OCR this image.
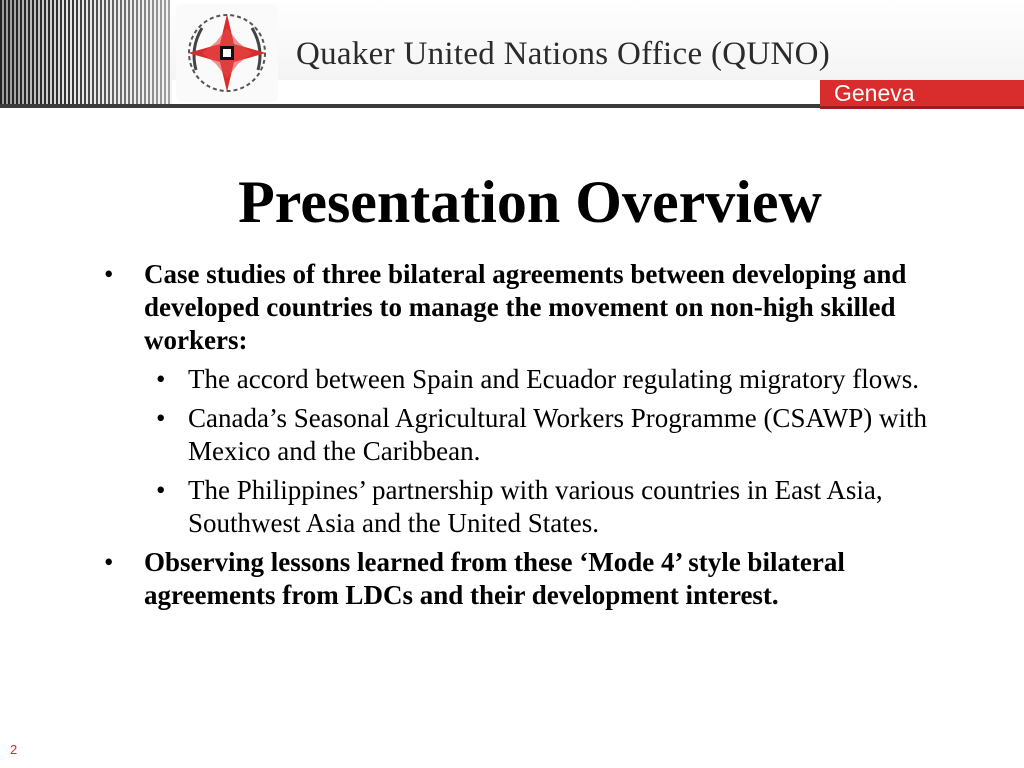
Quaker United Nations Office (QUNO)
Geneva
Presentation Overview
• Case studies of three bilateral agreements between developing and developed countries to manage the movement on non-high skilled workers:
• The accord between Spain and Ecuador regulating migratory flows.
• Canada’s Seasonal Agricultural Workers Programme (CSAWP) with Mexico and the Caribbean.
• The Philippines’ partnership with various countries in East Asia, Southwest Asia and the United States.
• Observing lessons learned from these ‘Mode 4’ style bilateral agreements from LDCs and their development interest.
2
